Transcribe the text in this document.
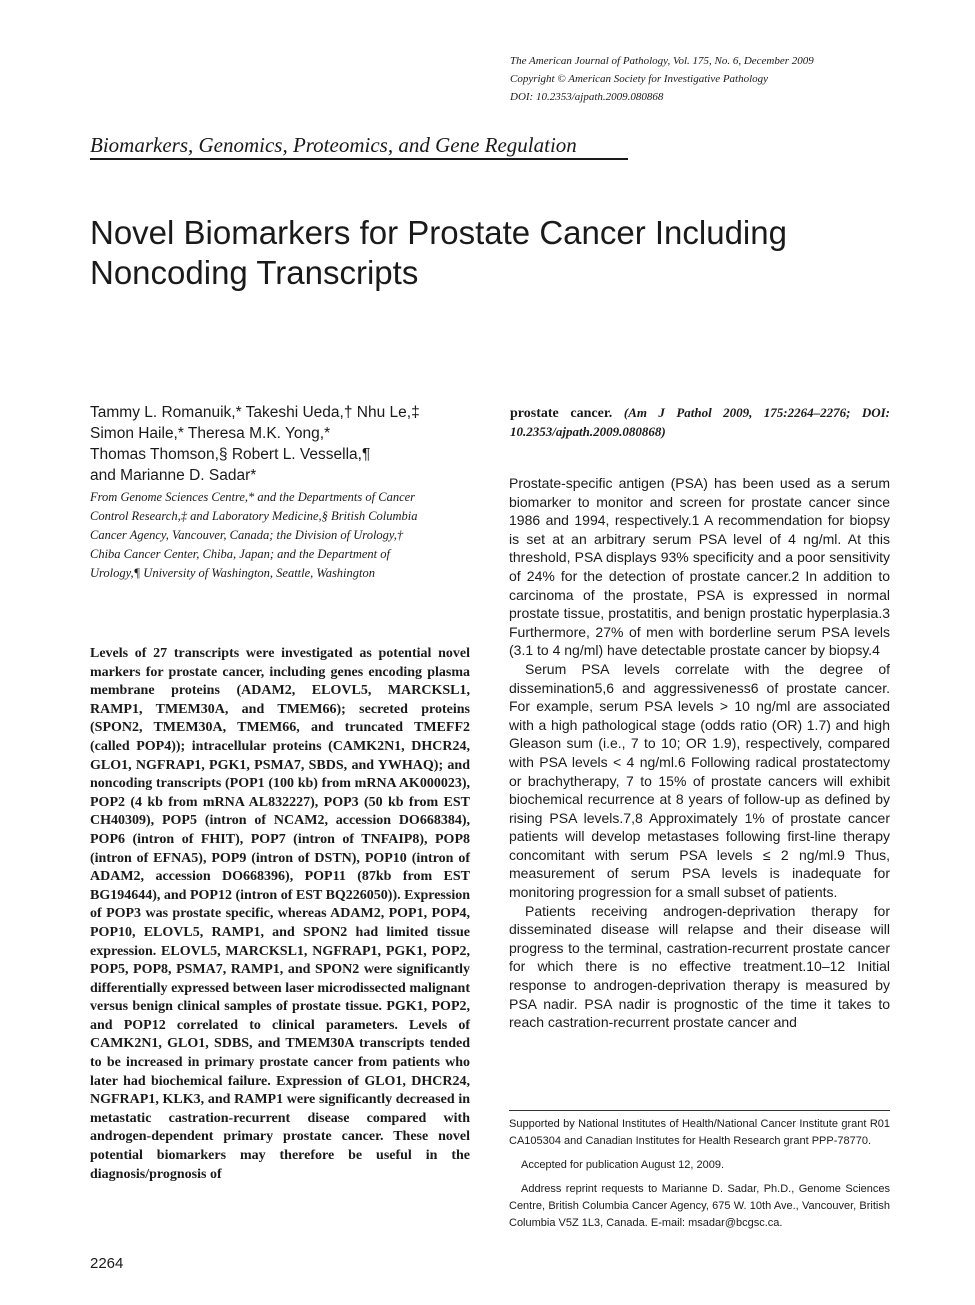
The American Journal of Pathology, Vol. 175, No. 6, December 2009
Copyright © American Society for Investigative Pathology
DOI: 10.2353/ajpath.2009.080868
Biomarkers, Genomics, Proteomics, and Gene Regulation
Novel Biomarkers for Prostate Cancer Including
Noncoding Transcripts
Tammy L. Romanuik,* Takeshi Ueda,† Nhu Le,‡
Simon Haile,* Theresa M.K. Yong,*
Thomas Thomson,§ Robert L. Vessella,¶
and Marianne D. Sadar*
From Genome Sciences Centre,* and the Departments of Cancer
Control Research,‡ and Laboratory Medicine,§ British Columbia
Cancer Agency, Vancouver, Canada; the Division of Urology,†
Chiba Cancer Center, Chiba, Japan; and the Department of
Urology,¶ University of Washington, Seattle, Washington
Levels of 27 transcripts were investigated as potential novel markers for prostate cancer, including genes encoding plasma membrane proteins (ADAM2, ELOVL5, MARCKSL1, RAMP1, TMEM30A, and TMEM66); secreted proteins (SPON2, TMEM30A, TMEM66, and truncated TMEFF2 (called POP4)); intracellular proteins (CAMK2N1, DHCR24, GLO1, NGFRAP1, PGK1, PSMA7, SBDS, and YWHAQ); and noncoding transcripts (POP1 (100 kb) from mRNA AK000023), POP2 (4 kb from mRNA AL832227), POP3 (50 kb from EST CH40309), POP5 (intron of NCAM2, accession DO668384), POP6 (intron of FHIT), POP7 (intron of TNFAIP8), POP8 (intron of EFNA5), POP9 (intron of DSTN), POP10 (intron of ADAM2, accession DO668396), POP11 (87kb from EST BG194644), and POP12 (intron of EST BQ226050)). Expression of POP3 was prostate specific, whereas ADAM2, POP1, POP4, POP10, ELOVL5, RAMP1, and SPON2 had limited tissue expression. ELOVL5, MARCKSL1, NGFRAP1, PGK1, POP2, POP5, POP8, PSMA7, RAMP1, and SPON2 were significantly differentially expressed between laser microdissected malignant versus benign clinical samples of prostate tissue. PGK1, POP2, and POP12 correlated to clinical parameters. Levels of CAMK2N1, GLO1, SDBS, and TMEM30A transcripts tended to be increased in primary prostate cancer from patients who later had biochemical failure. Expression of GLO1, DHCR24, NGFRAP1, KLK3, and RAMP1 were significantly decreased in metastatic castration-recurrent disease compared with androgen-dependent primary prostate cancer. These novel potential biomarkers may therefore be useful in the diagnosis/prognosis of
prostate cancer. (Am J Pathol 2009, 175:2264–2276; DOI: 10.2353/ajpath.2009.080868)

Prostate-specific antigen (PSA) has been used as a serum biomarker to monitor and screen for prostate cancer since 1986 and 1994, respectively.1 A recommendation for biopsy is set at an arbitrary serum PSA level of 4 ng/ml. At this threshold, PSA displays 93% specificity and a poor sensitivity of 24% for the detection of prostate cancer.2 In addition to carcinoma of the prostate, PSA is expressed in normal prostate tissue, prostatitis, and benign prostatic hyperplasia.3 Furthermore, 27% of men with borderline serum PSA levels (3.1 to 4 ng/ml) have detectable prostate cancer by biopsy.4

Serum PSA levels correlate with the degree of dissemination5,6 and aggressiveness6 of prostate cancer. For example, serum PSA levels > 10 ng/ml are associated with a high pathological stage (odds ratio (OR) 1.7) and high Gleason sum (i.e., 7 to 10; OR 1.9), respectively, compared with PSA levels < 4 ng/ml.6 Following radical prostatectomy or brachytherapy, 7 to 15% of prostate cancers will exhibit biochemical recurrence at 8 years of follow-up as defined by rising PSA levels.7,8 Approximately 1% of prostate cancer patients will develop metastases following first-line therapy concomitant with serum PSA levels ≤ 2 ng/ml.9 Thus, measurement of serum PSA levels is inadequate for monitoring progression for a small subset of patients.

Patients receiving androgen-deprivation therapy for disseminated disease will relapse and their disease will progress to the terminal, castration-recurrent prostate cancer for which there is no effective treatment.10–12 Initial response to androgen-deprivation therapy is measured by PSA nadir. PSA nadir is prognostic of the time it takes to reach castration-recurrent prostate cancer and

Supported by National Institutes of Health/National Cancer Institute grant R01 CA105304 and Canadian Institutes for Health Research grant PPP-78770.

Accepted for publication August 12, 2009.

Address reprint requests to Marianne D. Sadar, Ph.D., Genome Sciences Centre, British Columbia Cancer Agency, 675 W. 10th Ave., Vancouver, British Columbia V5Z 1L3, Canada. E-mail: msadar@bcgsc.ca.

2264
